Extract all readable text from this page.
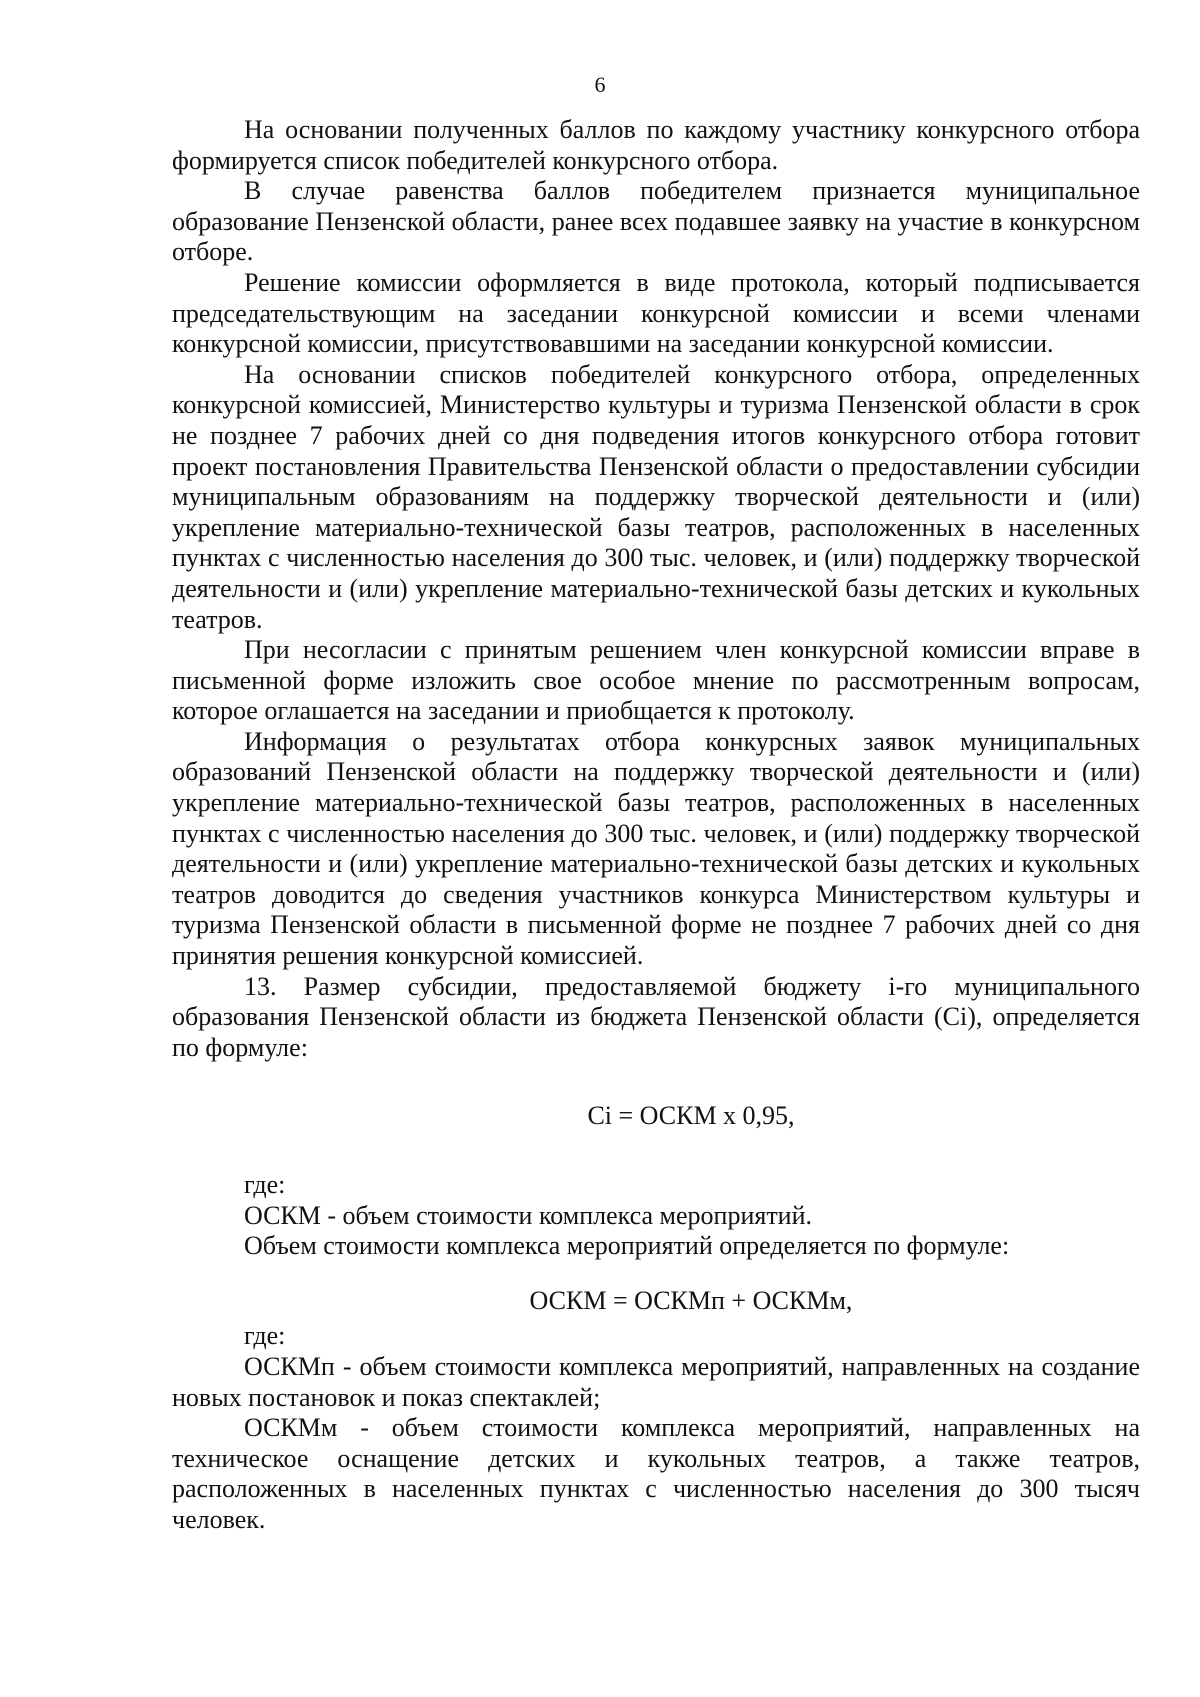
6

На основании полученных баллов по каждому участнику конкурсного отбора формируется список победителей конкурсного отбора.

В случае равенства баллов победителем признается муниципальное образование Пензенской области, ранее всех подавшее заявку на участие в конкурсном отборе.

Решение комиссии оформляется в виде протокола, который подписывается председательствующим на заседании конкурсной комиссии и всеми членами конкурсной комиссии, присутствовавшими на заседании конкурсной комиссии.

На основании списков победителей конкурсного отбора, определенных конкурсной комиссией, Министерство культуры и туризма Пензенской области в срок не позднее 7 рабочих дней со дня подведения итогов конкурсного отбора готовит проект постановления Правительства Пензенской области о предоставлении субсидии муниципальным образованиям на поддержку творческой деятельности и (или) укрепление материально-технической базы театров, расположенных в населенных пунктах с численностью населения до 300 тыс. человек, и (или) поддержку творческой деятельности и (или) укрепление материально-технической базы детских и кукольных театров.

При несогласии с принятым решением член конкурсной комиссии вправе в письменной форме изложить свое особое мнение по рассмотренным вопросам, которое оглашается на заседании и приобщается к протоколу.

Информация о результатах отбора конкурсных заявок муниципальных образований Пензенской области на поддержку творческой деятельности и (или) укрепление материально-технической базы театров, расположенных в населенных пунктах с численностью населения до 300 тыс. человек, и (или) поддержку творческой деятельности и (или) укрепление материально-технической базы детских и кукольных театров доводится до сведения участников конкурса Министерством культуры и туризма Пензенской области в письменной форме не позднее 7 рабочих дней со дня принятия решения конкурсной комиссией.

13. Размер субсидии, предоставляемой бюджету i-го муниципального образования Пензенской области из бюджета Пензенской области (Ci), определяется по формуле:

Ci = ОСКМ х 0,95,

где:

ОСКМ - объем стоимости комплекса мероприятий.

Объем стоимости комплекса мероприятий определяется по формуле:

ОСКМ = ОСКМп + ОСКМм,

где:

ОСКМп - объем стоимости комплекса мероприятий, направленных на создание новых постановок и показ спектаклей;

ОСКМм - объем стоимости комплекса мероприятий, направленных на техническое оснащение детских и кукольных театров, а также театров, расположенных в населенных пунктах с численностью населения до 300 тысяч человек.
